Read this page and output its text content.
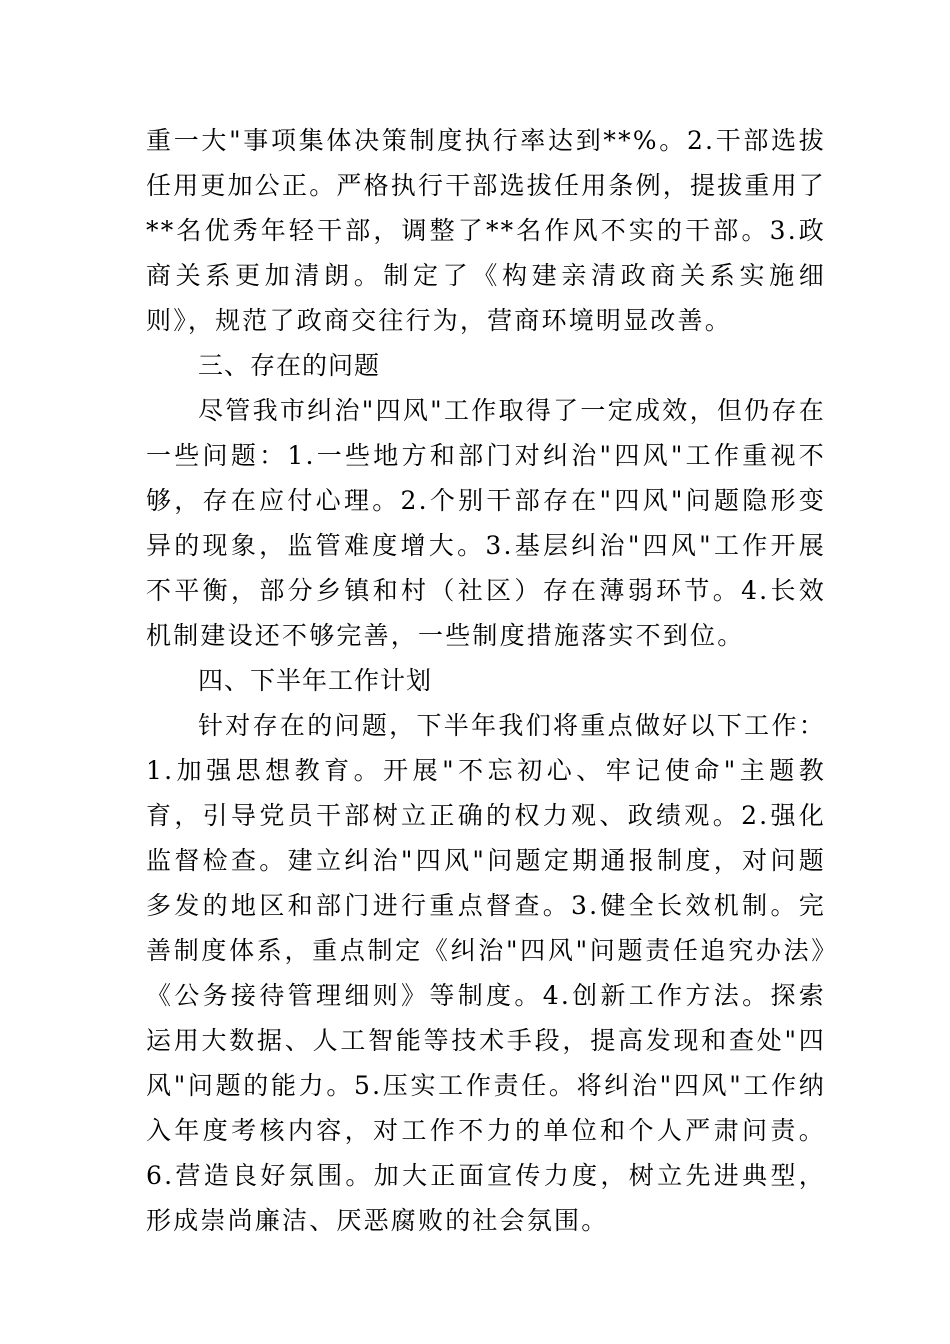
重一大"事项集体决策制度执行率达到**%。2.干部选拔任用更加公正。严格执行干部选拔任用条例，提拔重用了**名优秀年轻干部，调整了**名作风不实的干部。3.政商关系更加清朗。制定了《构建亲清政商关系实施细则》，规范了政商交往行为，营商环境明显改善。

三、存在的问题

尽管我市纠治"四风"工作取得了一定成效，但仍存在一些问题：1.一些地方和部门对纠治"四风"工作重视不够，存在应付心理。2.个别干部存在"四风"问题隐形变异的现象，监管难度增大。3.基层纠治"四风"工作开展不平衡，部分乡镇和村（社区）存在薄弱环节。4.长效机制建设还不够完善，一些制度措施落实不到位。

四、下半年工作计划

针对存在的问题，下半年我们将重点做好以下工作：1.加强思想教育。开展"不忘初心、牢记使命"主题教育，引导党员干部树立正确的权力观、政绩观。2.强化监督检查。建立纠治"四风"问题定期通报制度，对问题多发的地区和部门进行重点督查。3.健全长效机制。完善制度体系，重点制定《纠治"四风"问题责任追究办法》《公务接待管理细则》等制度。4.创新工作方法。探索运用大数据、人工智能等技术手段，提高发现和查处"四风"问题的能力。5.压实工作责任。将纠治"四风"工作纳入年度考核内容，对工作不力的单位和个人严肃问责。6.营造良好氛围。加大正面宣传力度，树立先进典型，形成崇尚廉洁、厌恶腐败的社会氛围。
